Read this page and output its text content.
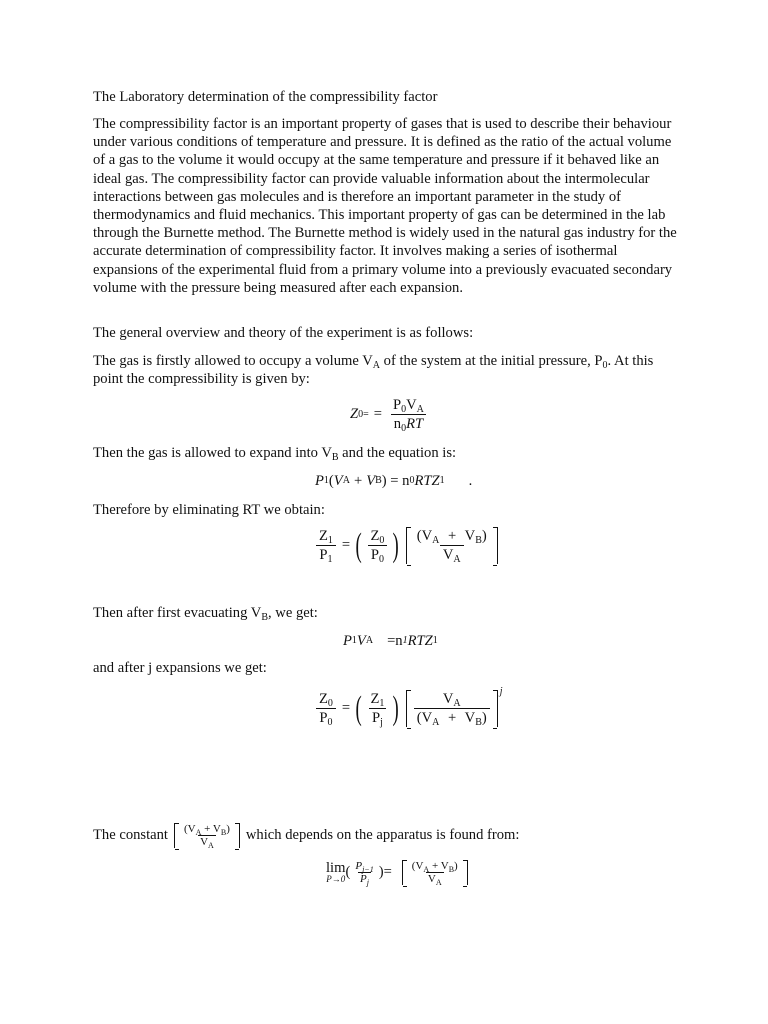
The Laboratory determination of the compressibility factor

The compressibility factor is an important property of gases that is used to describe their behaviour under various conditions of temperature and pressure. It is defined as the ratio of the actual volume of a gas to the volume it would occupy at the same temperature and pressure if it behaved like an ideal gas. The compressibility factor can provide valuable information about the intermolecular interactions between gas molecules and is therefore an important parameter in the study of thermodynamics and fluid mechanics. This important property of gas can be determined in the lab through the Burnette method. The Burnette method is widely used in the natural gas industry for the accurate determination of compressibility factor. It involves making a series of isothermal expansions of the experimental fluid from a primary volume into a previously evacuated secondary volume with the pressure being measured after each expansion.

The general overview and theory of the experiment is as follows:

The gas is firstly allowed to occupy a volume $V_A$ of the system at the initial pressure, $P_0$. At this point the compressibility is given by:

Z $0= = \frac{P_0V_A}{n_0RT}$

Then the gas is allowed to expand into $V_B$ and the equation is:

P 1 ( V A + V B ) = n 0 RTZ 1 .

Therefore by eliminating RT we obtain:

$\frac{Z_1}{P_1}$ = ( $\frac{Z_0}{P_0}$ ) $\frac{(V_A + V_B)}{V_A}$

Then after first evacuating $V_B$, we get:

P 1 V A =n 1 RTZ 1

and after j expansions we get:

$\frac{Z_0}{P_0}$ = ( $\frac{Z_1}{P_j}$ ) $\frac{V_A}{(V_A + V_B)}$ j
The constant $\frac{(V_A + V_B)}{V_A}$ which depends on the apparatus is found from:
lim
P→0 ( $\frac{P_{j-1}}{P_j}$ )= $\frac{(V_A + V_B)}{V_A}$
